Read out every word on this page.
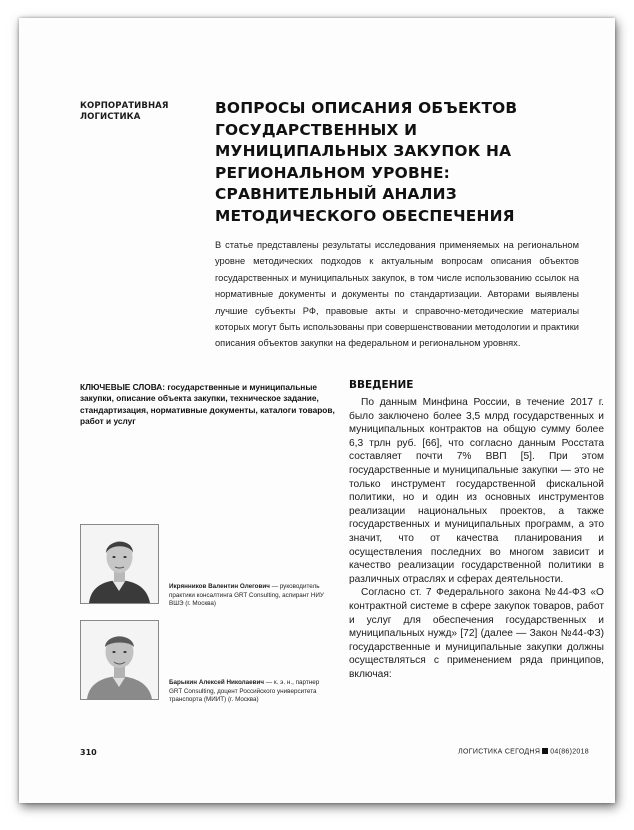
КОРПОРАТИВНАЯ
ЛОГИСТИКА	ВОПРОСЫ ОПИСАНИЯ ОБЪЕКТОВ ГОСУДАРСТВЕННЫХ И МУНИЦИПАЛЬНЫХ ЗАКУПОК НА РЕГИОНАЛЬНОМ УРОВНЕ: СРАВНИТЕЛЬНЫЙ АНАЛИЗ МЕТОДИЧЕСКОГО ОБЕСПЕЧЕНИЯ
В статье представлены результаты исследования применяемых на региональном уровне методических подходов к актуальным вопросам описания объектов государственных и муниципальных закупок, в том числе использованию ссылок на нормативные документы и документы по стандартизации. Авторами выявлены лучшие субъекты РФ, правовые акты и справочно-методические материалы которых могут быть использованы при совершенствовании методологии и практики описания объектов закупки на федеральном и региональном уровнях.
КЛЮЧЕВЫЕ СЛОВА: государственные и муниципальные закупки, описание объекта закупки, техническое задание, стандартизация, нормативные документы, каталоги товаров, работ и услуг
ВВЕДЕНИЕ

По данным Минфина России, в течение 2017 г. было заключено более 3,5 млрд государственных и муниципальных контрактов на общую сумму более 6,3 трлн руб. [66], что согласно данным Росстата составляет почти 7% ВВП [5]. При этом государственные и муниципальные закупки — это не только инструмент государственной фискальной политики, но и один из основных инструментов реализации национальных проектов, а также государственных и муниципальных программ, а это значит, что от качества планирования и осуществления последних во многом зависит и качество реализации государственной политики в различных отраслях и сферах деятельности.

Согласно ст. 7 Федерального закона №44-ФЗ «О контрактной системе в сфере закупок товаров, работ и услуг для обеспечения государственных и муниципальных нужд» [72] (далее — Закон №44-ФЗ) государственные и муниципальные закупки должны осуществляться с применением ряда принципов, включая:

Икрянников Валентин Олегович — руководитель практики консалтинга GRT Consulting, аспирант НИУ ВШЭ (г. Москва)
Барыкин Алексей Николаевич — к. э. н., партнер GRT Consulting, доцент Российского университета транспорта (МИИТ) (г. Москва)
310	ЛОГИСТИКА СЕГОДНЯ 04(86)2018
